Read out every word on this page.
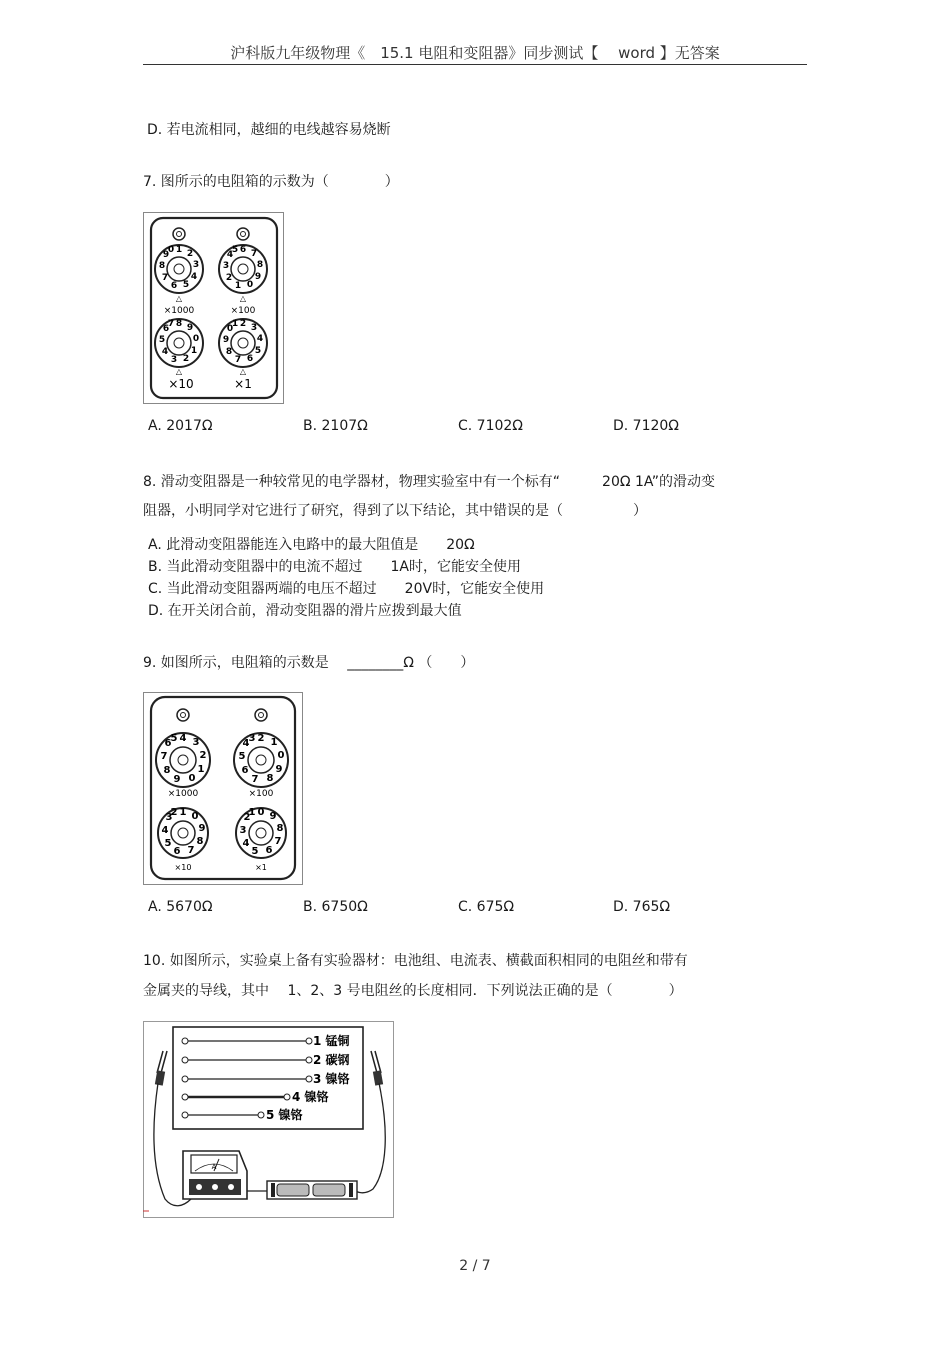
沪科版九年级物理《　15.1 电阻和变阻器》同步测试【　 word 】无答案
D. 若电流相同，越细的电线越容易烧断
7. 图所示的电阻箱的示数为（　　　　）
1 2
3
4
5
6
7
8
9
0	6 7
8
9
0
1
2
3
4
5
△	△
×1000	×100
8 9
0
1
2
3
4
5
6
7	2 3
4
5
6
7
8
9
0
1
△	△
×10	×1
A. 2017Ω	B. 2107Ω	C. 7102Ω	D. 7120Ω
8. 滑动变阻器是一种较常见的电学器材，物理实验室中有一个标有“　　　20Ω 1A”的滑动变
阻器，小明同学对它进行了研究，得到了以下结论，其中错误的是（　　　　　）
A. 此滑动变阻器能连入电路中的最大阻值是　　20Ω
B. 当此滑动变阻器中的电流不超过　　1A时，它能安全使用
C. 当此滑动变阻器两端的电压不超过　　20V时，它能安全使用
D. 在开关闭合前，滑动变阻器的滑片应拨到最大值
9. 如图所示，电阻箱的示数是　 ________Ω （　　）
4 3
2
1
0
9
8
7
6 5	2 1
0
9
8
7
6
5
4 3
×1000	×100
1 0
9
8
7
6
5
4
3
2	0 9
8
7
6
5
4
3
2
1
×10	×1
A. 5670Ω	B. 6750Ω	C. 675Ω	D. 765Ω
10. 如图所示，实验桌上备有实验器材：电池组、电流表、横截面积相同的电阻丝和带有
金属夹的导线，其中　 1、2、3 号电阻丝的长度相同．下列说法正确的是（　　　　）
1 锰铜
2 碳钢
3 镍铬
4 镍铬
5 镍铬
A
2 / 7
